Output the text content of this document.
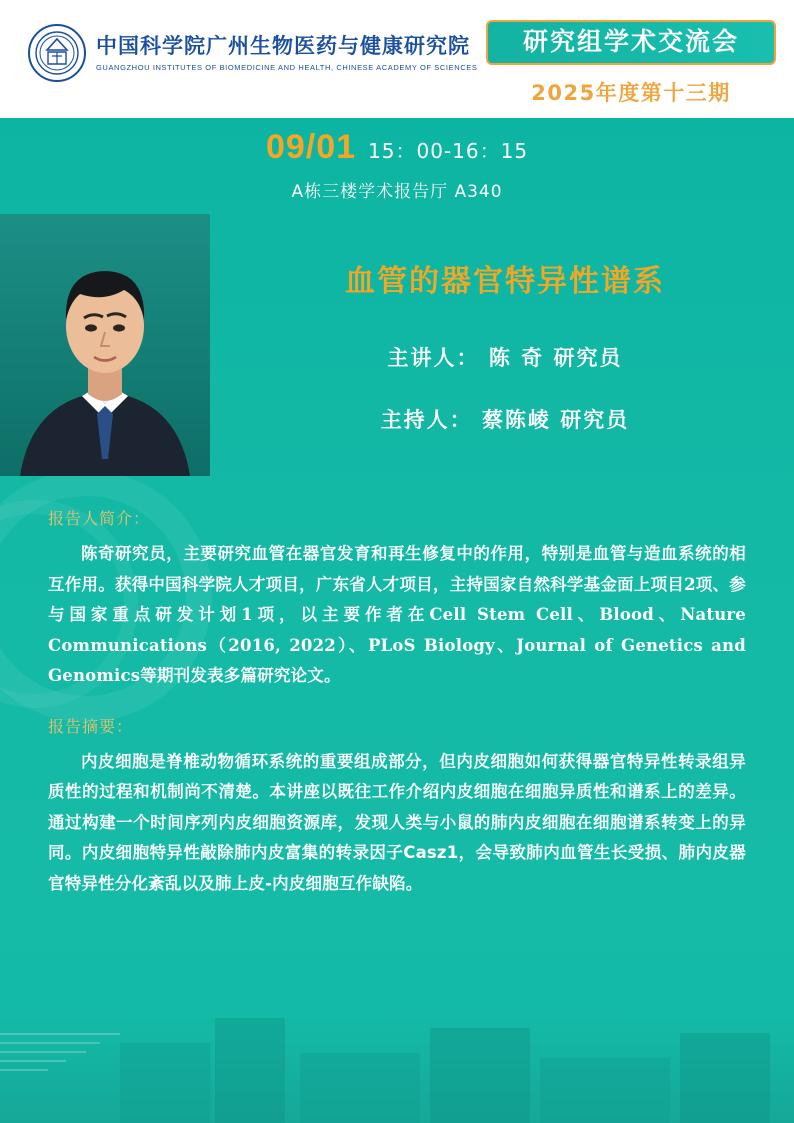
中国科学院广州生物医药与健康研究院
GUANGZHOU INSTITUTES OF BIOMEDICINE AND HEALTH, CHINESE ACADEMY OF SCIENCES
研究组学术交流会
2025年度第十三期
09/01 15：00-16：15
A栋三楼学术报告厅 A340
血管的器官特异性谱系
主讲人： 陈 奇 研究员
主持人： 蔡陈崚 研究员
报告人简介：

陈奇研究员，主要研究血管在器官发育和再生修复中的作用，特别是血管与造血系统的相互作用。获得中国科学院人才项目，广东省人才项目，主持国家自然科学基金面上项目2项、参与国家重点研发计划1项，以主要作者在Cell Stem Cell、Blood、Nature Communications（2016, 2022）、PLoS Biology、Journal of Genetics and Genomics等期刊发表多篇研究论文。

报告摘要：

内皮细胞是脊椎动物循环系统的重要组成部分，但内皮细胞如何获得器官特异性转录组异质性的过程和机制尚不清楚。本讲座以既往工作介绍内皮细胞在细胞异质性和谱系上的差异。通过构建一个时间序列内皮细胞资源库，发现人类与小鼠的肺内皮细胞在细胞谱系转变上的异同。内皮细胞特异性敲除肺内皮富集的转录因子Casz1，会导致肺内血管生长受损、肺内皮器官特异性分化紊乱以及肺上皮-内皮细胞互作缺陷。
